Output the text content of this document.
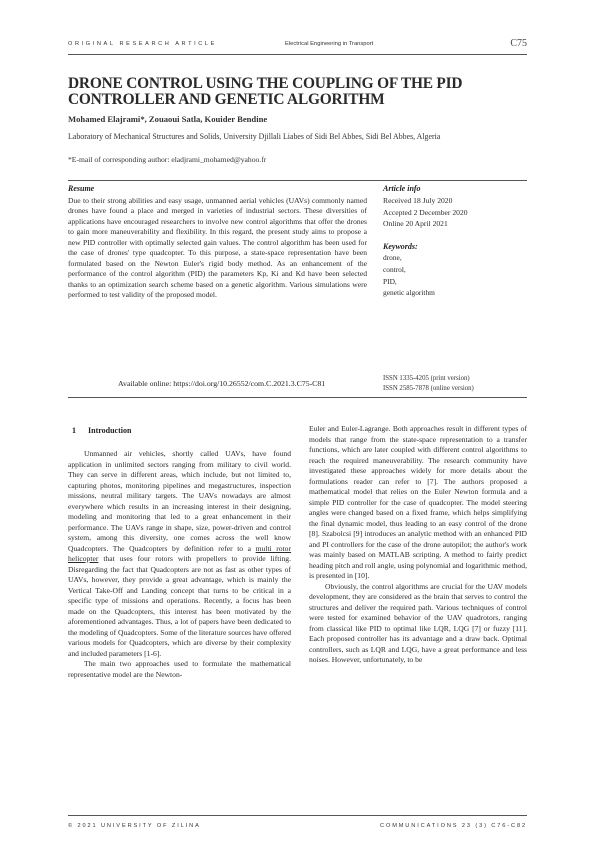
ORIGINAL RESEARCH ARTICLE	Electrical Engineering in Transport	C75
DRONE CONTROL USING THE COUPLING OF THE PID CONTROLLER AND GENETIC ALGORITHM
Mohamed Elajrami*, Zouaoui Satla, Kouider Bendine
Laboratory of Mechanical Structures and Solids, University Djillali Liabes of Sidi Bel Abbes, Sidi Bel Abbes, Algeria
*E-mail of corresponding author: eladjrami_mohamed@yahoo.fr
Resume
Due to their strong abilities and easy usage, unmanned aerial vehicles (UAVs) commonly named drones have found a place and merged in varieties of industrial sectors. These diversities of applications have encouraged researchers to involve new control algorithms that offer the drones to gain more maneuverability and flexibility. In this regard, the present study aims to propose a new PID controller with optimally selected gain values. The control algorithm has been used for the case of drones' type quadcopter. To this purpose, a state-space representation have been formulated based on the Newton Euler's rigid body method. As an enhancement of the performance of the control algorithm (PID) the parameters Kp, Ki and Kd have been selected thanks to an optimization search scheme based on a genetic algorithm. Various simulations were performed to test validity of the proposed model.
Article info
Received 18 July 2020
Accepted 2 December 2020
Online 20 April 2021
Keywords:
drone,
control,
PID,
genetic algorithm
Available online: https://doi.org/10.26552/com.C.2021.3.C75-C81
ISSN 1335-4205 (print version)
ISSN 2585-7878 (online version)
1 Introduction

Unmanned air vehicles, shortly called UAVs, have found application in unlimited sectors ranging from military to civil world. They can serve in different areas, which include, but not limited to, capturing photos, monitoring pipelines and megastructures, inspection missions, neutral military targets. The UAVs nowadays are almost everywhere which results in an increasing interest in their designing, modeling and monitoring that led to a great enhancement in their performance. The UAVs range in shape, size, power-driven and control system, among this diversity, one comes across the well know Quadcopters. The Quadcopters by definition refer to a multi rotor helicopter that uses four rotors with propellers to provide lifting. Disregarding the fact that Quadcopters are not as fast as other types of UAVs, however, they provide a great advantage, which is mainly the Vertical Take-Off and Landing concept that turns to be critical in a specific type of missions and operations. Recently, a focus has been made on the Quadcopters, this interest has been motivated by the aforementioned advantages. Thus, a lot of papers have been dedicated to the modeling of Quadcopters. Some of the literature sources have offered various models for Quadcopters, which are diverse by their complexity and included parameters [1-6].

The main two approaches used to formulate the mathematical representative model are the Newton-

Euler and Euler-Lagrange. Both approaches result in different types of models that range from the state-space representation to a transfer functions, which are later coupled with different control algorithms to reach the required maneuverability. The research community have investigated these approaches widely for more details about the formulations reader can refer to [7]. The authors proposed a mathematical model that relies on the Euler Newton formula and a simple PID controller for the case of quadcopter. The model steering angles were changed based on a fixed frame, which helps simplifying the final dynamic model, thus leading to an easy control of the drone [8]. Szabolcsi [9] introduces an analytic method with an enhanced PID and PI controllers for the case of the drone autopilot; the author's work was mainly based on MATLAB scripting. A method to fairly predict heading pitch and roll angle, using polynomial and logarithmic method, is presented in [10].

Obviously, the control algorithms are crucial for the UAV models development, they are considered as the brain that serves to control the structures and deliver the required path. Various techniques of control were tested for examined behavior of the UAV quadrotors, ranging from classical like PID to optimal like LQR, LQG [7] or fuzzy [11]. Each proposed controller has its advantage and a draw back. Optimal controllers, such as LQR and LQG, have a great performance and less noises. However, unfortunately, to be

© 2021 UNIVERSITY OF ZILINA	COMMUNICATIONS 23 (3) C76-C82
